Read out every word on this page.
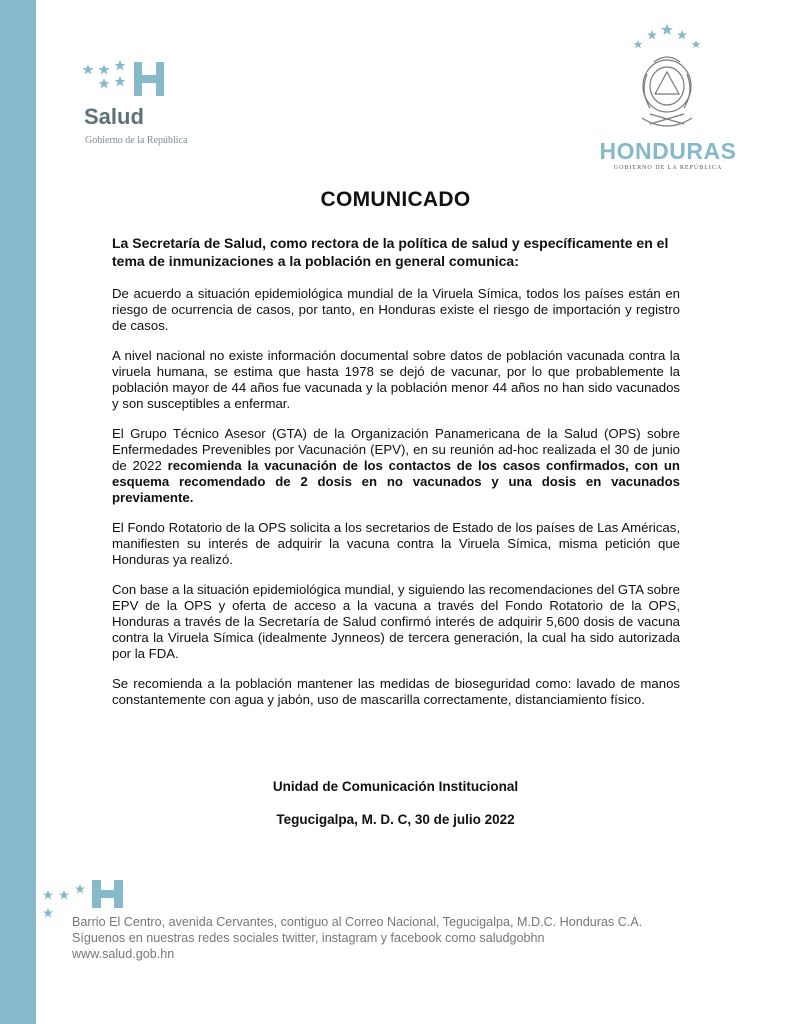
Salud
Gobierno de la República	HONDURAS
GOBIERNO DE LA REPÚBLICA
COMUNICADO

La Secretaría de Salud, como rectora de la política de salud y específicamente en el tema de inmunizaciones a la población en general comunica:

De acuerdo a situación epidemiológica mundial de la Viruela Símica, todos los países están en riesgo de ocurrencia de casos, por tanto, en Honduras existe el riesgo de importación y registro de casos.

A nivel nacional no existe información documental sobre datos de población vacunada contra la viruela humana, se estima que hasta 1978 se dejó de vacunar, por lo que probablemente la población mayor de 44 años fue vacunada y la población menor 44 años no han sido vacunados y son susceptibles a enfermar.

El Grupo Técnico Asesor (GTA) de la Organización Panamericana de la Salud (OPS) sobre Enfermedades Prevenibles por Vacunación (EPV), en su reunión ad-hoc realizada el 30 de junio de 2022 recomienda la vacunación de los contactos de los casos confirmados, con un esquema recomendado de 2 dosis en no vacunados y una dosis en vacunados previamente.

El Fondo Rotatorio de la OPS solicita a los secretarios de Estado de los países de Las Américas, manifiesten su interés de adquirir la vacuna contra la Viruela Símica, misma petición que Honduras ya realizó.

Con base a la situación epidemiológica mundial, y siguiendo las recomendaciones del GTA sobre EPV de la OPS y oferta de acceso a la vacuna a través del Fondo Rotatorio de la OPS, Honduras a través de la Secretaría de Salud confirmó interés de adquirir 5,600 dosis de vacuna contra la Viruela Símica (idealmente Jynneos) de tercera generación, la cual ha sido autorizada por la FDA.

Se recomienda a la población mantener las medidas de bioseguridad como: lavado de manos constantemente con agua y jabón, uso de mascarilla correctamente, distanciamiento físico.

Unidad de Comunicación Institucional
Tegucigalpa, M. D. C, 30 de julio 2022
Barrio El Centro, avenida Cervantes, contiguo al Correo Nacional, Tegucigalpa, M.D.C. Honduras C.A.
Síguenos en nuestras redes sociales twitter, instagram y facebook como saludgobhn
www.salud.gob.hn
